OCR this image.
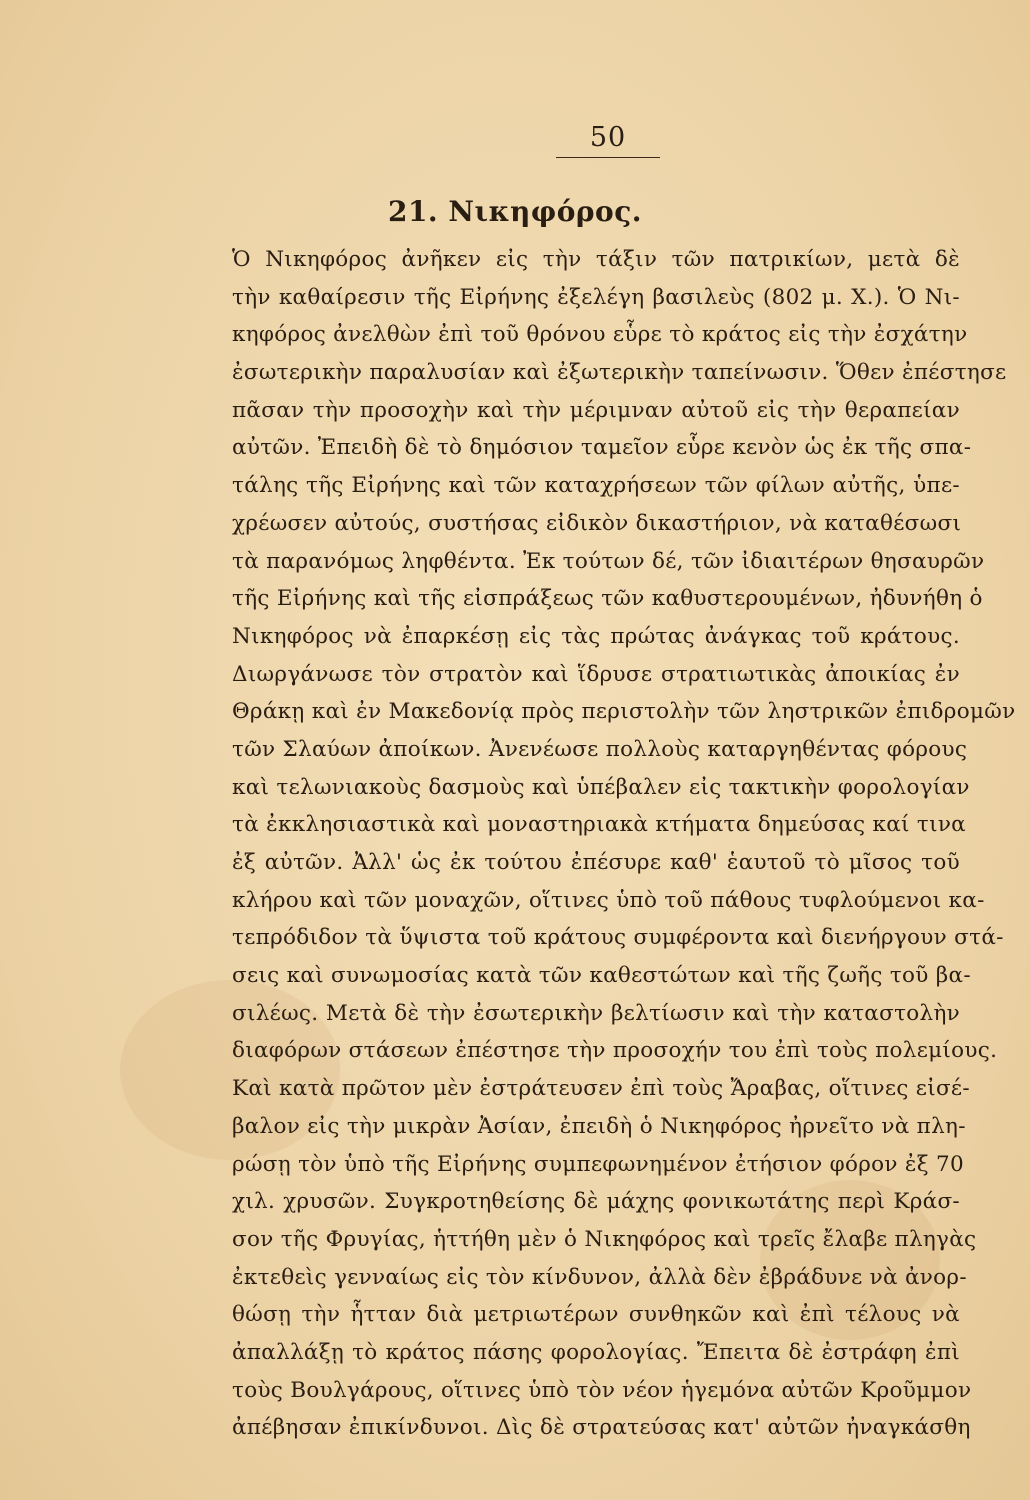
50
21. Νικηφόρος.
Ὁ Νικηφόρος ἀνῆκεν εἰς τὴν τάξιν τῶν πατρικίων, μετὰ δὲ
τὴν καθαίρεσιν τῆς Εἰρήνης ἐξελέγη βασιλεὺς (802 μ. Χ.). Ὁ Νι-
κηφόρος ἀνελθὼν ἐπὶ τοῦ θρόνου εὗρε τὸ κράτος εἰς τὴν ἐσχάτην
ἐσωτερικὴν παραλυσίαν καὶ ἐξωτερικὴν ταπείνωσιν. Ὅθεν ἐπέστησε
πᾶσαν τὴν προσοχὴν καὶ τὴν μέριμναν αὐτοῦ εἰς τὴν θεραπείαν
αὐτῶν. Ἐπειδὴ δὲ τὸ δημόσιον ταμεῖον εὗρε κενὸν ὡς ἐκ τῆς σπα-
τάλης τῆς Εἰρήνης καὶ τῶν καταχρήσεων τῶν φίλων αὐτῆς, ὑπε-
χρέωσεν αὐτούς, συστήσας εἰδικὸν δικαστήριον, νὰ καταθέσωσι
τὰ παρανόμως ληφθέντα. Ἐκ τούτων δέ, τῶν ἰδιαιτέρων θησαυρῶν
τῆς Εἰρήνης καὶ τῆς εἰσπράξεως τῶν καθυστερουμένων, ἠδυνήθη ὁ
Νικηφόρος νὰ ἐπαρκέσῃ εἰς τὰς πρώτας ἀνάγκας τοῦ κράτους.
Διωργάνωσε τὸν στρατὸν καὶ ἵδρυσε στρατιωτικὰς ἀποικίας ἐν
Θράκῃ καὶ ἐν Μακεδονίᾳ πρὸς περιστολὴν τῶν ληστρικῶν ἐπιδρομῶν
τῶν Σλαύων ἀποίκων. Ἀνενέωσε πολλοὺς καταργηθέντας φόρους
καὶ τελωνιακοὺς δασμοὺς καὶ ὑπέβαλεν εἰς τακτικὴν φορολογίαν
τὰ ἐκκλησιαστικὰ καὶ μοναστηριακὰ κτήματα δημεύσας καί τινα
ἐξ αὐτῶν. Ἀλλ' ὡς ἐκ τούτου ἐπέσυρε καθ' ἑαυτοῦ τὸ μῖσος τοῦ
κλήρου καὶ τῶν μοναχῶν, οἵτινες ὑπὸ τοῦ πάθους τυφλούμενοι κα-
τεπρόδιδον τὰ ὕψιστα τοῦ κράτους συμφέροντα καὶ διενήργουν στά-
σεις καὶ συνωμοσίας κατὰ τῶν καθεστώτων καὶ τῆς ζωῆς τοῦ βα-
σιλέως. Μετὰ δὲ τὴν ἐσωτερικὴν βελτίωσιν καὶ τὴν καταστολὴν
διαφόρων στάσεων ἐπέστησε τὴν προσοχήν του ἐπὶ τοὺς πολεμίους.
Καὶ κατὰ πρῶτον μὲν ἐστράτευσεν ἐπὶ τοὺς Ἄραβας, οἵτινες εἰσέ-
βαλον εἰς τὴν μικρὰν Ἀσίαν, ἐπειδὴ ὁ Νικηφόρος ἠρνεῖτο νὰ πλη-
ρώσῃ τὸν ὑπὸ τῆς Εἰρήνης συμπεφωνημένον ἐτήσιον φόρον ἐξ 70
χιλ. χρυσῶν. Συγκροτηθείσης δὲ μάχης φονικωτάτης περὶ Κράσ-
σον τῆς Φρυγίας, ἡττήθη μὲν ὁ Νικηφόρος καὶ τρεῖς ἔλαβε πληγὰς
ἐκτεθεὶς γενναίως εἰς τὸν κίνδυνον, ἀλλὰ δὲν ἐβράδυνε νὰ ἀνορ-
θώσῃ τὴν ἧτταν διὰ μετριωτέρων συνθηκῶν καὶ ἐπὶ τέλους νὰ
ἀπαλλάξῃ τὸ κράτος πάσης φορολογίας. Ἔπειτα δὲ ἐστράφη ἐπὶ
τοὺς Βουλγάρους, οἵτινες ὑπὸ τὸν νέον ἡγεμόνα αὐτῶν Κροῦμμον
ἀπέβησαν ἐπικίνδυνοι. Δὶς δὲ στρατεύσας κατ' αὐτῶν ἠναγκάσθη
